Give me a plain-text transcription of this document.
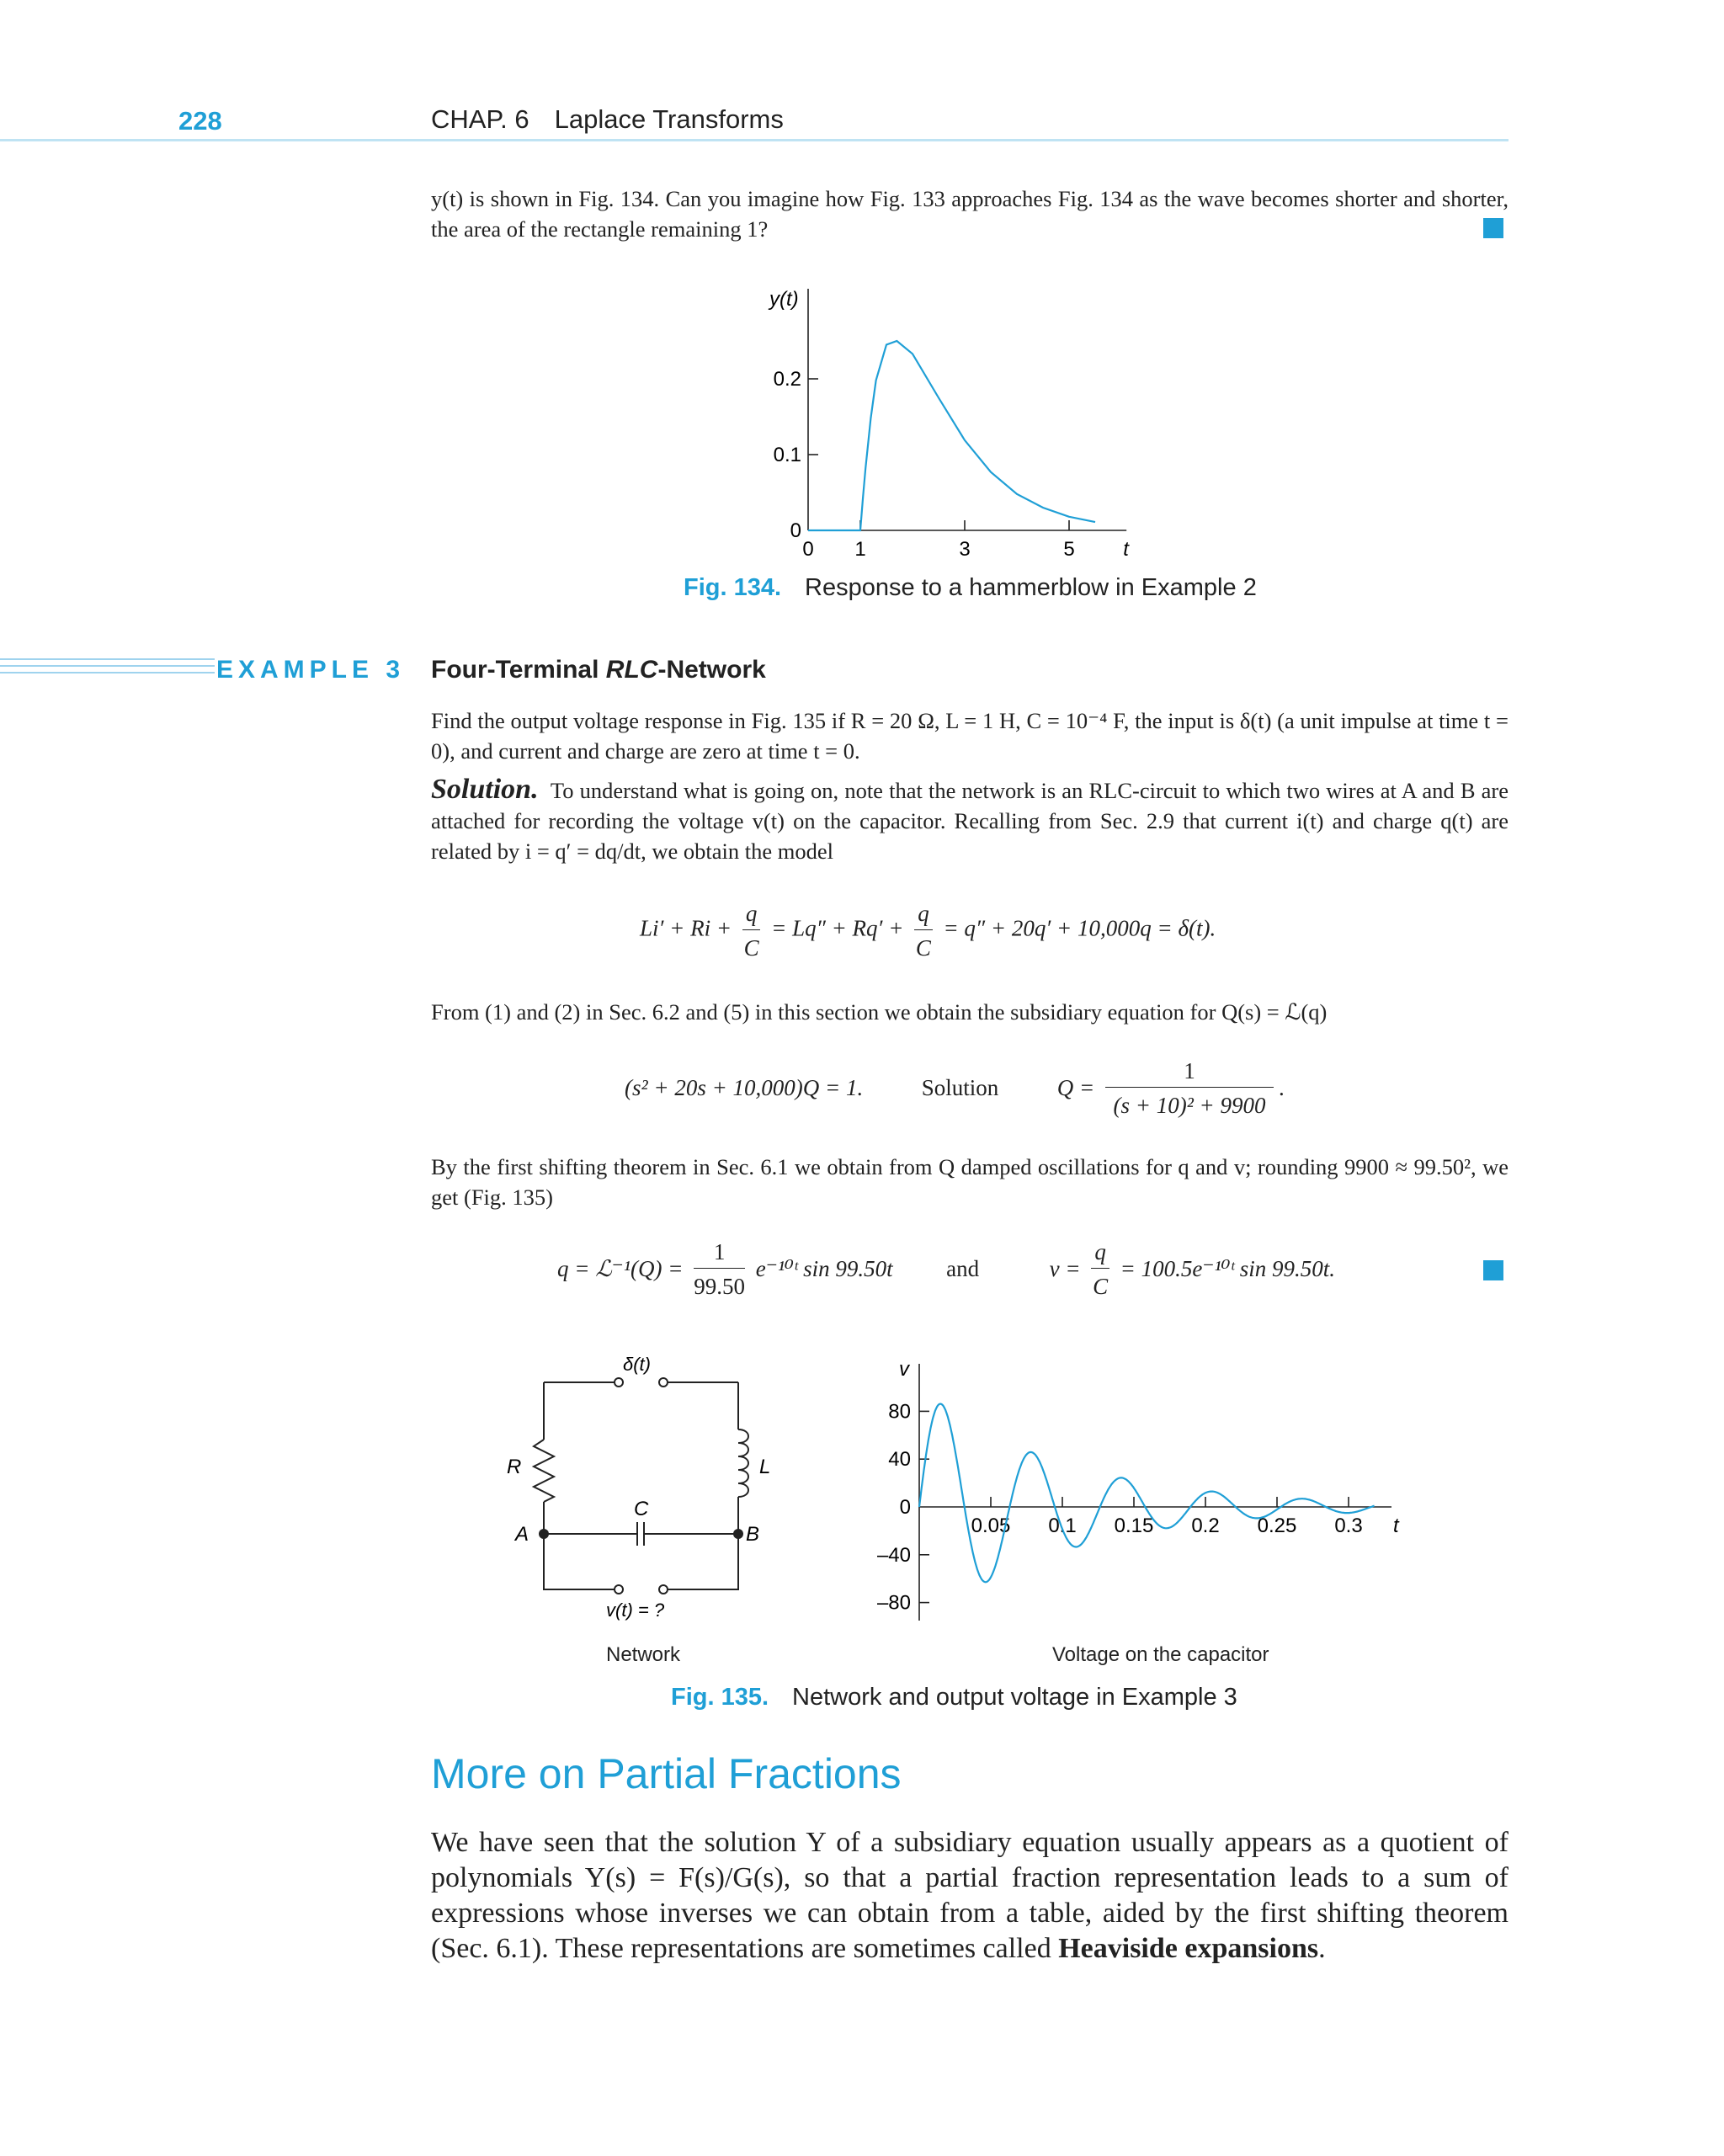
228	CHAP. 6 Laplace Transforms
y(t) is shown in Fig. 134. Can you imagine how Fig. 133 approaches Fig. 134 as the wave becomes shorter and shorter, the area of the rectangle remaining 1?
y(t)
0
0.1
0.2
0 1	3	5 t
Fig. 134. Response to a hammerblow in Example 2
EXAMPLE 3 Four-Terminal RLC-Network
Find the output voltage response in Fig. 135 if R = 20 Ω, L = 1 H, C = 10⁻⁴ F, the input is δ(t) (a unit impulse at time t = 0), and current and charge are zero at time t = 0.
Solution. To understand what is going on, note that the network is an RLC-circuit to which two wires at A and B are attached for recording the voltage v(t) on the capacitor. Recalling from Sec. 2.9 that current i(t) and charge q(t) are related by i = q′ = dq/dt, we obtain the model
$Li' + Ri + \frac{q}{C} = Lq'' + Rq' + \frac{q}{C} = q'' + 20q' + 10,000q = \delta(t)$.
From (1) and (2) in Sec. 6.2 and (5) in this section we obtain the subsidiary equation for Q(s) = ℒ(q)
(s² + 20s + 10,000)Q = 1.	Solution	$Q = \frac{1}{\text{(s + 10)² + 9900}}$ .
By the first shifting theorem in Sec. 6.1 we obtain from Q damped oscillations for q and v; rounding 9900 ≈ 99.50², we get (Fig. 135)
q = ℒ⁻¹(Q) = $\frac{1}{99.50}$ e⁻¹⁰ᵗ sin 99.50t and	$v = \frac{q}{C}$ = 100.5e⁻¹⁰ᵗ sin 99.50t.
δ(t)
R	L
C
A	B
v(t) = ?
Network
v
–80
–40
0
40
80
0.05 0.1 0.15 0.2 0.25 0.3 t
Voltage on the capacitor
Fig. 135. Network and output voltage in Example 3
More on Partial Fractions
We have seen that the solution Y of a subsidiary equation usually appears as a quotient of polynomials Y(s) = F(s)/G(s), so that a partial fraction representation leads to a sum of expressions whose inverses we can obtain from a table, aided by the first shifting theorem (Sec. 6.1). These representations are sometimes called Heaviside expansions.
